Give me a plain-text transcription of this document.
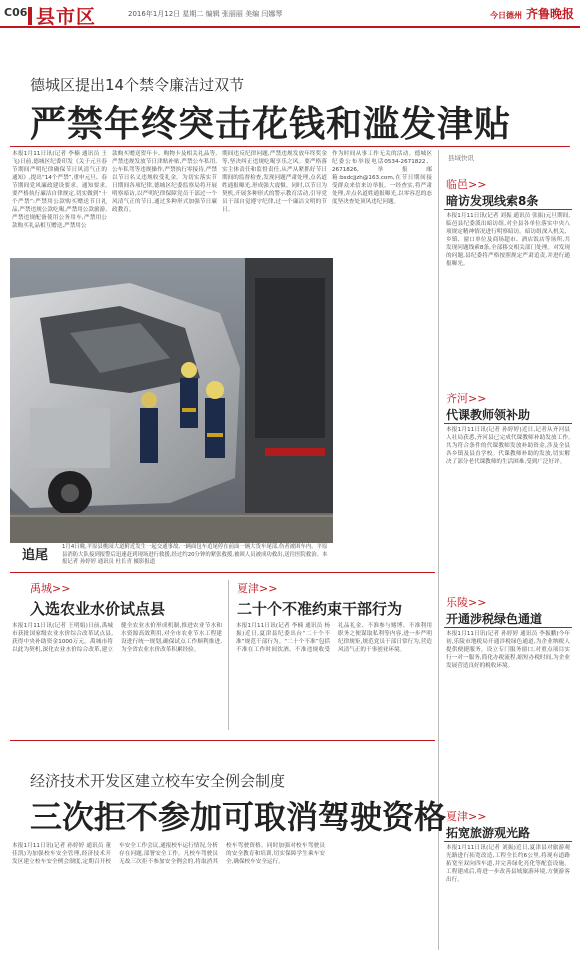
C06 县市区	2016年1月12日 星期二 编辑 张丽丽 美编 闫娜琴	今日德州 齐鲁晚报
德城区提出14个禁令廉洁过双节
严禁年终突击花钱和滥发津贴
本报1月11日讯(记者 李楠 通讯员 王飞)日前,德城区纪委印发《关于元旦春节期间严明纪律确保节日风清气正的通知》,提出“14个严禁”,重申元旦、春节期间党风廉政建设要求。通知要求,要严格执行廉洁自律规定,切实做到“十个严禁”:严禁用公款购买赠送节日礼品,严禁违规公款吃喝,严禁用公款旅游,严禁违规配备使用公务用车,严禁用公款购买礼品相互赠送,严禁用公
款购买赠送贺年卡、购物卡及相关礼品等,严禁违规发放节日津贴补贴,严禁公车私用,公车私驾等违规操作,严禁执行零接待,严禁以节日名义违规收受礼金。为切实落实节日期间各项纪律,德城区纪委监察局将开展明察暗访,以严明纪律保障党员干部过一个风清气正的节日,通过多种形式加强节日廉政教育。
期间违反纪律问题,严禁违规发放年终奖金等,坚决纠正违规吃喝享乐之风。要严格落实主体责任和监督责任,从严从紧抓好节日期间的监督检查,发现问题严肃处理,点名道姓通报曝光,形成强大震慑。同时,以节日为契机,开展多种形式的警示教育活动,引导党员干部自觉遵守纪律,过一个廉洁文明的节日。
作为时间从事工作无关的活动。德城区纪委公布举报电话0534-2671822、2671826,举报邮箱:bsdcjjzh@163.com,在节日期间接受群众来信来访举报。一经查实,将严肃处理,并点名道姓通报曝光,以零容忍的态度坚决查处顶风违纪问题。
追尾
1月4日晚,平原县桃园大道附近发生一起交通事故,一辆面包车追尾停在前面一辆大货车尾部,伤者被困车内。平原县消防大队接到报警后迅速赶到现场进行救援,经过约20分钟的紧张救援,被困人员被成功救出,送往医院救治。本报记者 孙婷婷 通讯员 杜长青 摄影报道
县域快讯
临邑>>
暗访发现线索8条
本报1月11日讯(记者 刘振 通讯员 张振)元旦期间,临邑县纪委派出暗访组,对全县各单位落实中央八项规定精神情况进行明察暗访。暗访组深入机关、乡镇、窗口单位及商场超市、酒店饭店等场所,共发现问题线索8条,全部移交相关部门处理。对发现的问题,县纪委将严格按照规定严肃追责,并进行通报曝光。
齐河>>
代课教师领补助
本报1月11日讯(记者 孙婷婷)近日,记者从齐河县人社局获悉,齐河县已完成代课教师补助发放工作,共为符合条件的代课教师发放补助资金,涉及全县各乡镇及县直学校。代课教师补助的发放,切实解决了部分老代课教师的生活困难,受到广泛好评。
乐陵>>
开通涉税绿色通道
本报1月11日讯(记者 孙婷婷 通讯员 李振鹏)今年初,乐陵市地税局开通涉税绿色通道,为企业纳税人提供便捷服务。设立专门服务窗口,对重点项目实行一对一服务,简化办税流程,缩短办税时间,为企业发展营造良好的税收环境。
夏津>>
拓宽旅游观光路
本报1月11日讯(记者 刘振)近日,夏津县对旅游观光路进行拓宽改造,工程全长约6公里,将现有道路拓宽至双向四车道,并完善绿化亮化等配套设施。工程建成后,将进一步改善县域旅游环境,方便游客出行。
禹城>>
入选农业水价试点县
本报1月11日讯(记者 王明娟)日前,禹城市获批国家级农业水价综合改革试点县,获得中央补助资金1000万元。禹城市将以此为契机,深化农业水价综合改革,建立健全农业水价形成机制,推进农业节水和水资源高效利用,对全市农业节水工程建设进行统一规划,确保试点工作顺利推进,为全省农业水价改革积累经验。
夏津>>
二十个不准约束干部行为
本报1月11日讯(记者 李楠 通讯员 杨振)近日,夏津县纪委出台“二十个不准”规范干部行为。“二十个不准”包括不准在工作时间饮酒、不准违规收受礼品礼金、不准参与赌博、不准利用职务之便谋取私利等内容,进一步严明纪律规矩,规范党员干部日常行为,营造风清气正的干事创业环境。
经济技术开发区建立校车安全例会制度
三次拒不参加可取消驾驶资格
本报1月11日讯(记者 孙婷婷 通讯员 董佳凯)为加强校车安全管理,经济技术开发区建立校车安全例会制度,定期召开校车安全工作会议,通报校车运行情况,分析存在问题,部署安全工作。凡校车驾驶员无故三次拒不参加安全例会的,将取消其校车驾驶资格。同时加强对校车驾驶员的安全教育和培训,切实保障学生乘车安全,确保校车安全运行。
